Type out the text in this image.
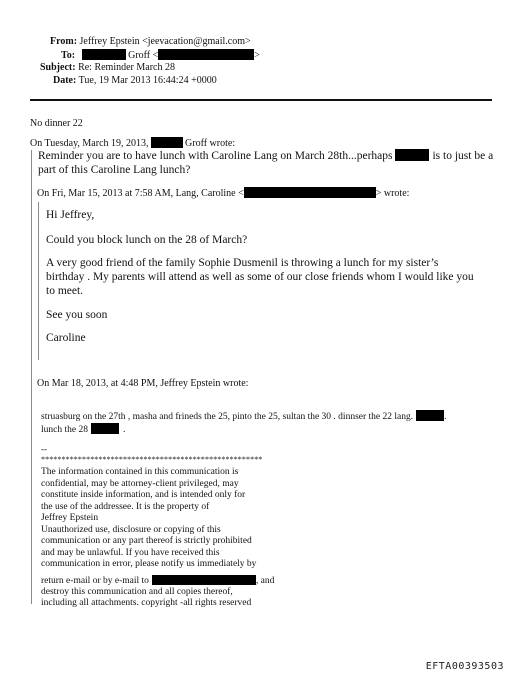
From: Jeffrey Epstein <jeevacation@gmail.com>
To:	Groff <	>
Subject: Re: Reminder March 28
Date: Tue, 19 Mar 2013 16:44:24 +0000
No dinner 22
On Tuesday, March 19, 2013,	Groff wrote:
Reminder you are to have lunch with Caroline Lang on March 28th...perhaps	is to just be a
part of this Caroline Lang lunch?
On Fri, Mar 15, 2013 at 7:58 AM, Lang, Caroline <	> wrote:
Hi Jeffrey,
Could you block lunch on the 28 of March?
A very good friend of the family Sophie Dusmenil is throwing a lunch for my sister’s
birthday . My parents will attend as well as some of our close friends whom I would like you
to meet.
See you soon
Caroline
On Mar 18, 2013, at 4:48 PM, Jeffrey Epstein wrote:
struasburg on the 27th , masha and frineds the 25, pinto the 25, sultan the 30 . dinnser the 22 lang.	.
lunch the 28	.
--
******************************************************
The information contained in this communication is
confidential, may be attorney-client privileged, may
constitute inside information, and is intended only for
the use of the addressee. It is the property of
Jeffrey Epstein
Unauthorized use, disclosure or copying of this
communication or any part thereof is strictly prohibited
and may be unlawful. If you have received this
communication in error, please notify us immediately by
return e-mail or by e-mail to	, and
destroy this communication and all copies thereof,
including all attachments. copyright -all rights reserved
EFTA00393503
